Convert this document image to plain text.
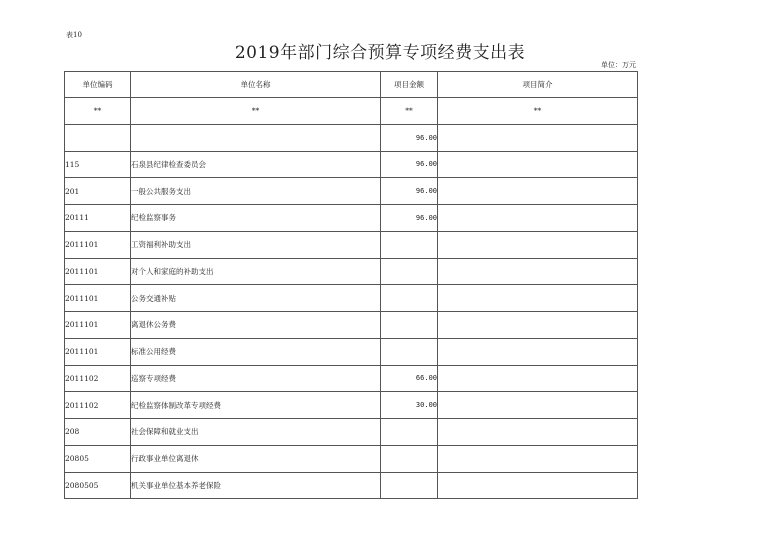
表10
2019年部门综合预算专项经费支出表
单位：万元
单位编码	单位名称	项目金额	项目简介
**	**	**	**
		96.00	
115	石泉县纪律检查委员会	96.00	
201	一般公共服务支出	96.00	
20111	纪检监察事务	96.00	
2011101	工资福利补助支出		
2011101	对个人和家庭的补助支出		
2011101	公务交通补贴		
2011101	离退休公务费		
2011101	标准公用经费		
2011102	巡察专项经费	66.00	
2011102	纪检监察体制改革专项经费	30.00	
208	社会保障和就业支出		
20805	行政事业单位离退休		
2080505	机关事业单位基本养老保险		
